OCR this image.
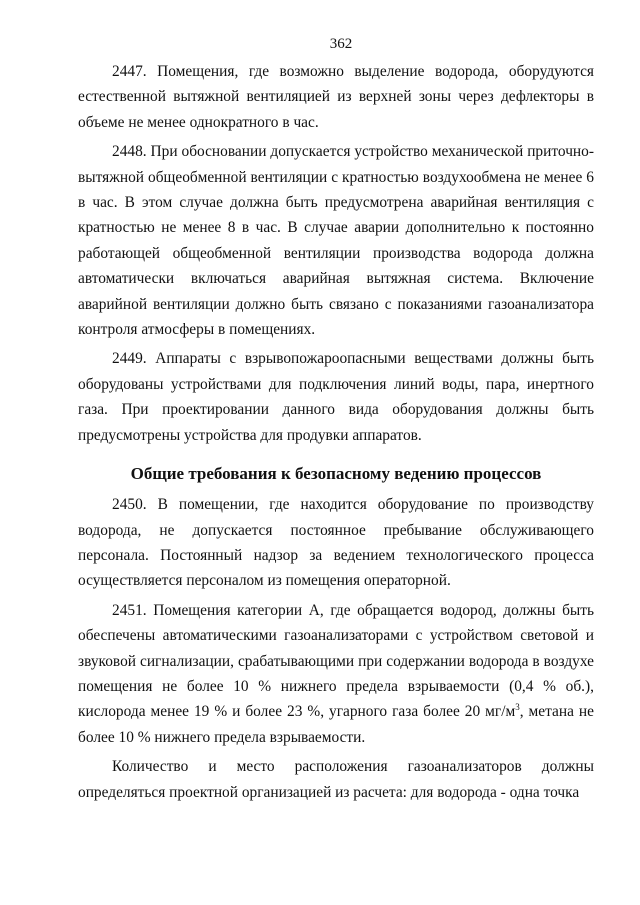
362

2447. Помещения, где возможно выделение водорода, оборудуются естественной вытяжной вентиляцией из верхней зоны через дефлекторы в объеме не менее однократного в час.

2448. При обосновании допускается устройство механической приточно-вытяжной общеобменной вентиляции с кратностью воздухообмена не менее 6 в час. В этом случае должна быть предусмотрена аварийная вентиляция с кратностью не менее 8 в час. В случае аварии дополнительно к постоянно работающей общеобменной вентиляции производства водорода должна автоматически включаться аварийная вытяжная система. Включение аварийной вентиляции должно быть связано с показаниями газоанализатора контроля атмосферы в помещениях.

2449. Аппараты с взрывопожароопасными веществами должны быть оборудованы устройствами для подключения линий воды, пара, инертного газа. При проектировании данного вида оборудования должны быть предусмотрены устройства для продувки аппаратов.

Общие требования к безопасному ведению процессов

2450. В помещении, где находится оборудование по производству водорода, не допускается постоянное пребывание обслуживающего персонала. Постоянный надзор за ведением технологического процесса осуществляется персоналом из помещения операторной.

2451. Помещения категории А, где обращается водород, должны быть обеспечены автоматическими газоанализаторами с устройством световой и звуковой сигнализации, срабатывающими при содержании водорода в воздухе помещения не более 10 % нижнего предела взрываемости (0,4 % об.), кислорода менее 19 % и более 23 %, угарного газа более 20 $мг/м^3$, метана не более 10 % нижнего предела взрываемости.

Количество и место расположения газоанализаторов должны определяться проектной организацией из расчета: для водорода - одна точка
